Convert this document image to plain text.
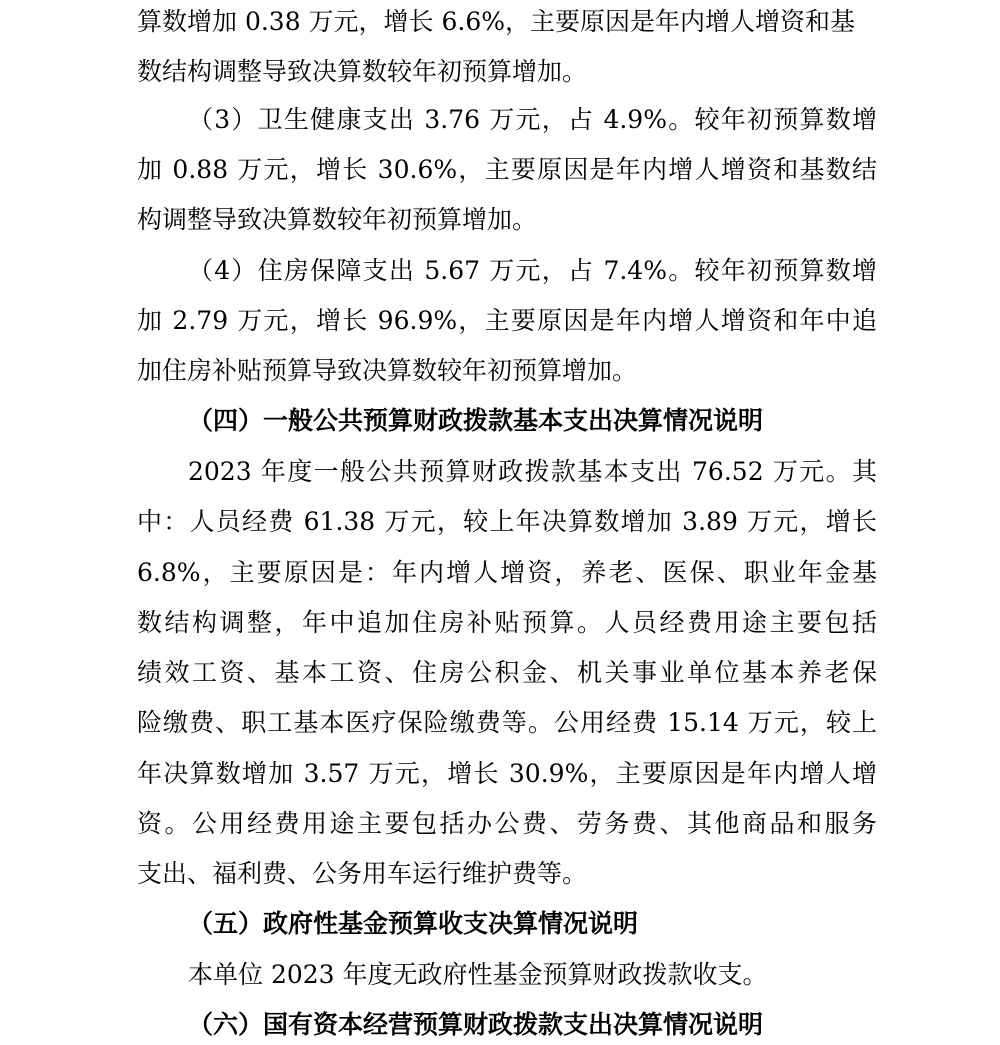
算数增加 0.38 万元，增长 6.6%，主要原因是年内增人增资和基
数结构调整导致决算数较年初预算增加。
（3）卫生健康支出 3.76 万元，占 4.9%。较年初预算数增
加 0.88 万元，增长 30.6%，主要原因是年内增人增资和基数结
构调整导致决算数较年初预算增加。
（4）住房保障支出 5.67 万元，占 7.4%。较年初预算数增
加 2.79 万元，增长 96.9%，主要原因是年内增人增资和年中追
加住房补贴预算导致决算数较年初预算增加。
（四）一般公共预算财政拨款基本支出决算情况说明
2023 年度一般公共预算财政拨款基本支出 76.52 万元。其
中：人员经费 61.38 万元，较上年决算数增加 3.89 万元，增长
6.8%，主要原因是：年内增人增资，养老、医保、职业年金基
数结构调整，年中追加住房补贴预算。人员经费用途主要包括
绩效工资、基本工资、住房公积金、机关事业单位基本养老保
险缴费、职工基本医疗保险缴费等。公用经费 15.14 万元，较上
年决算数增加 3.57 万元，增长 30.9%，主要原因是年内增人增
资。公用经费用途主要包括办公费、劳务费、其他商品和服务
支出、福利费、公务用车运行维护费等。
（五）政府性基金预算收支决算情况说明
本单位 2023 年度无政府性基金预算财政拨款收支。
（六）国有资本经营预算财政拨款支出决算情况说明
